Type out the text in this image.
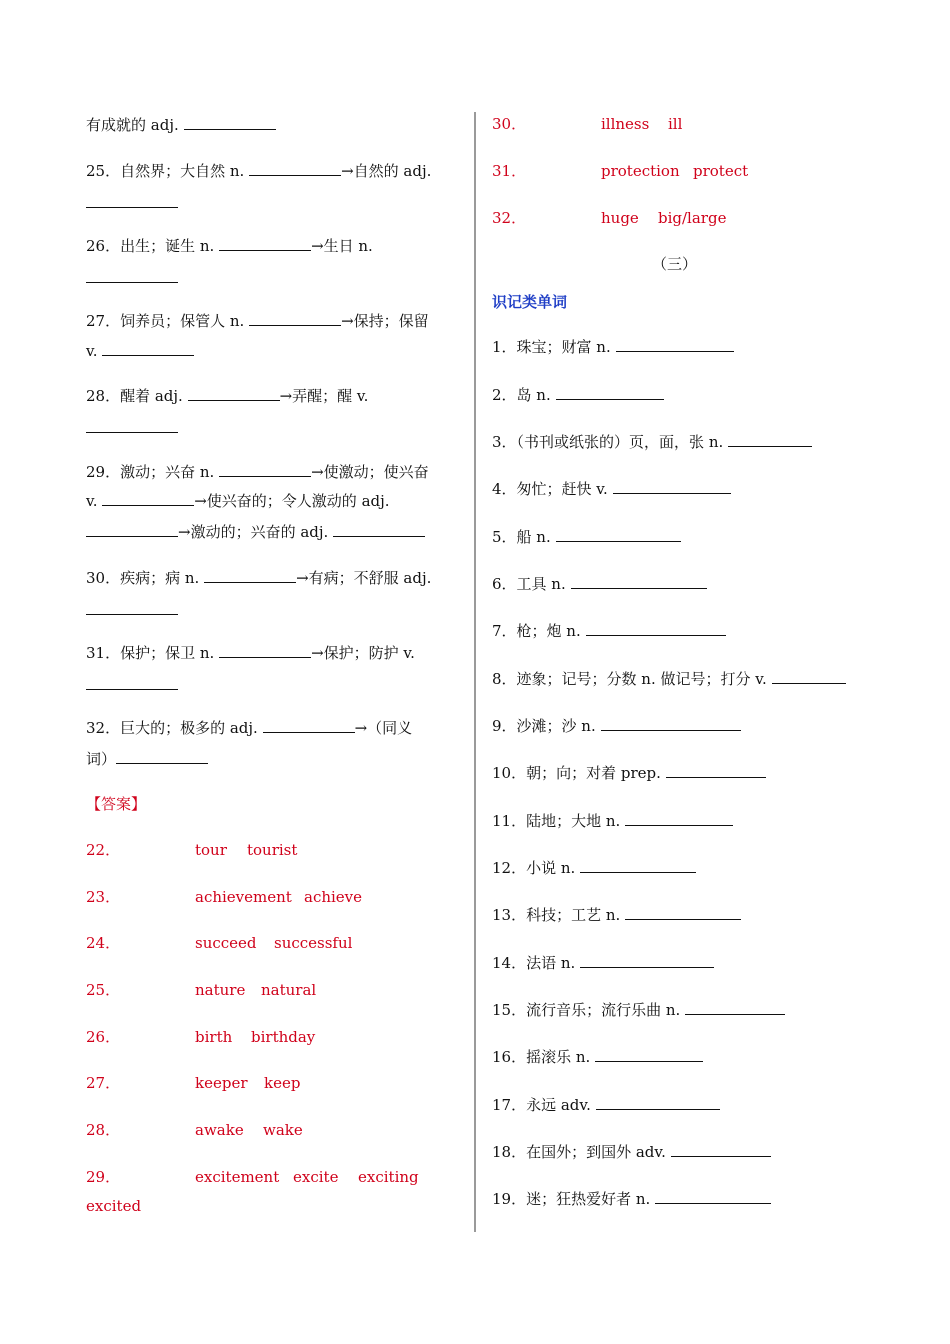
有成就的 adj.
25．自然界；大自然 n.	→自然的 adj.
26．出生；诞生 n.	→生日 n.
27．饲养员；保管人 n.	→保持；保留
v.
28．醒着 adj.	→弄醒；醒 v.
29．激动；兴奋 n.	→使激动；使兴奋
v.	→使兴奋的；令人激动的 adj.
→激动的；兴奋的 adj.
30．疾病；病 n.	→有病；不舒服 adj.
31．保护；保卫 n.	→保护；防护 v.
32．巨大的；极多的 adj.	→（同义
词）
【答案】
22．	tour tourist
23．	achievement achieve
24．	succeed successful
25．	nature natural
26．	birth birthday
27．	keeper keep
28．	awake wake
29．	excitement excite exciting
excited
30．	illness ill
31．	protection protect
32．	huge big/large
（三）
识记类单词
1．珠宝；财富 n.
2．岛 n.
3．（书刊或纸张的）页，面，张 n.
4．匆忙；赶快 v.
5．船 n.
6．工具 n.
7．枪；炮 n.
8．迹象；记号；分数 n. 做记号；打分 v.
9．沙滩；沙 n.
10．朝；向；对着 prep.
11．陆地；大地 n.
12．小说 n.
13．科技；工艺 n.
14．法语 n.
15．流行音乐；流行乐曲 n.
16．摇滚乐 n.
17．永远 adv.
18．在国外；到国外 adv.
19．迷；狂热爱好者 n.
